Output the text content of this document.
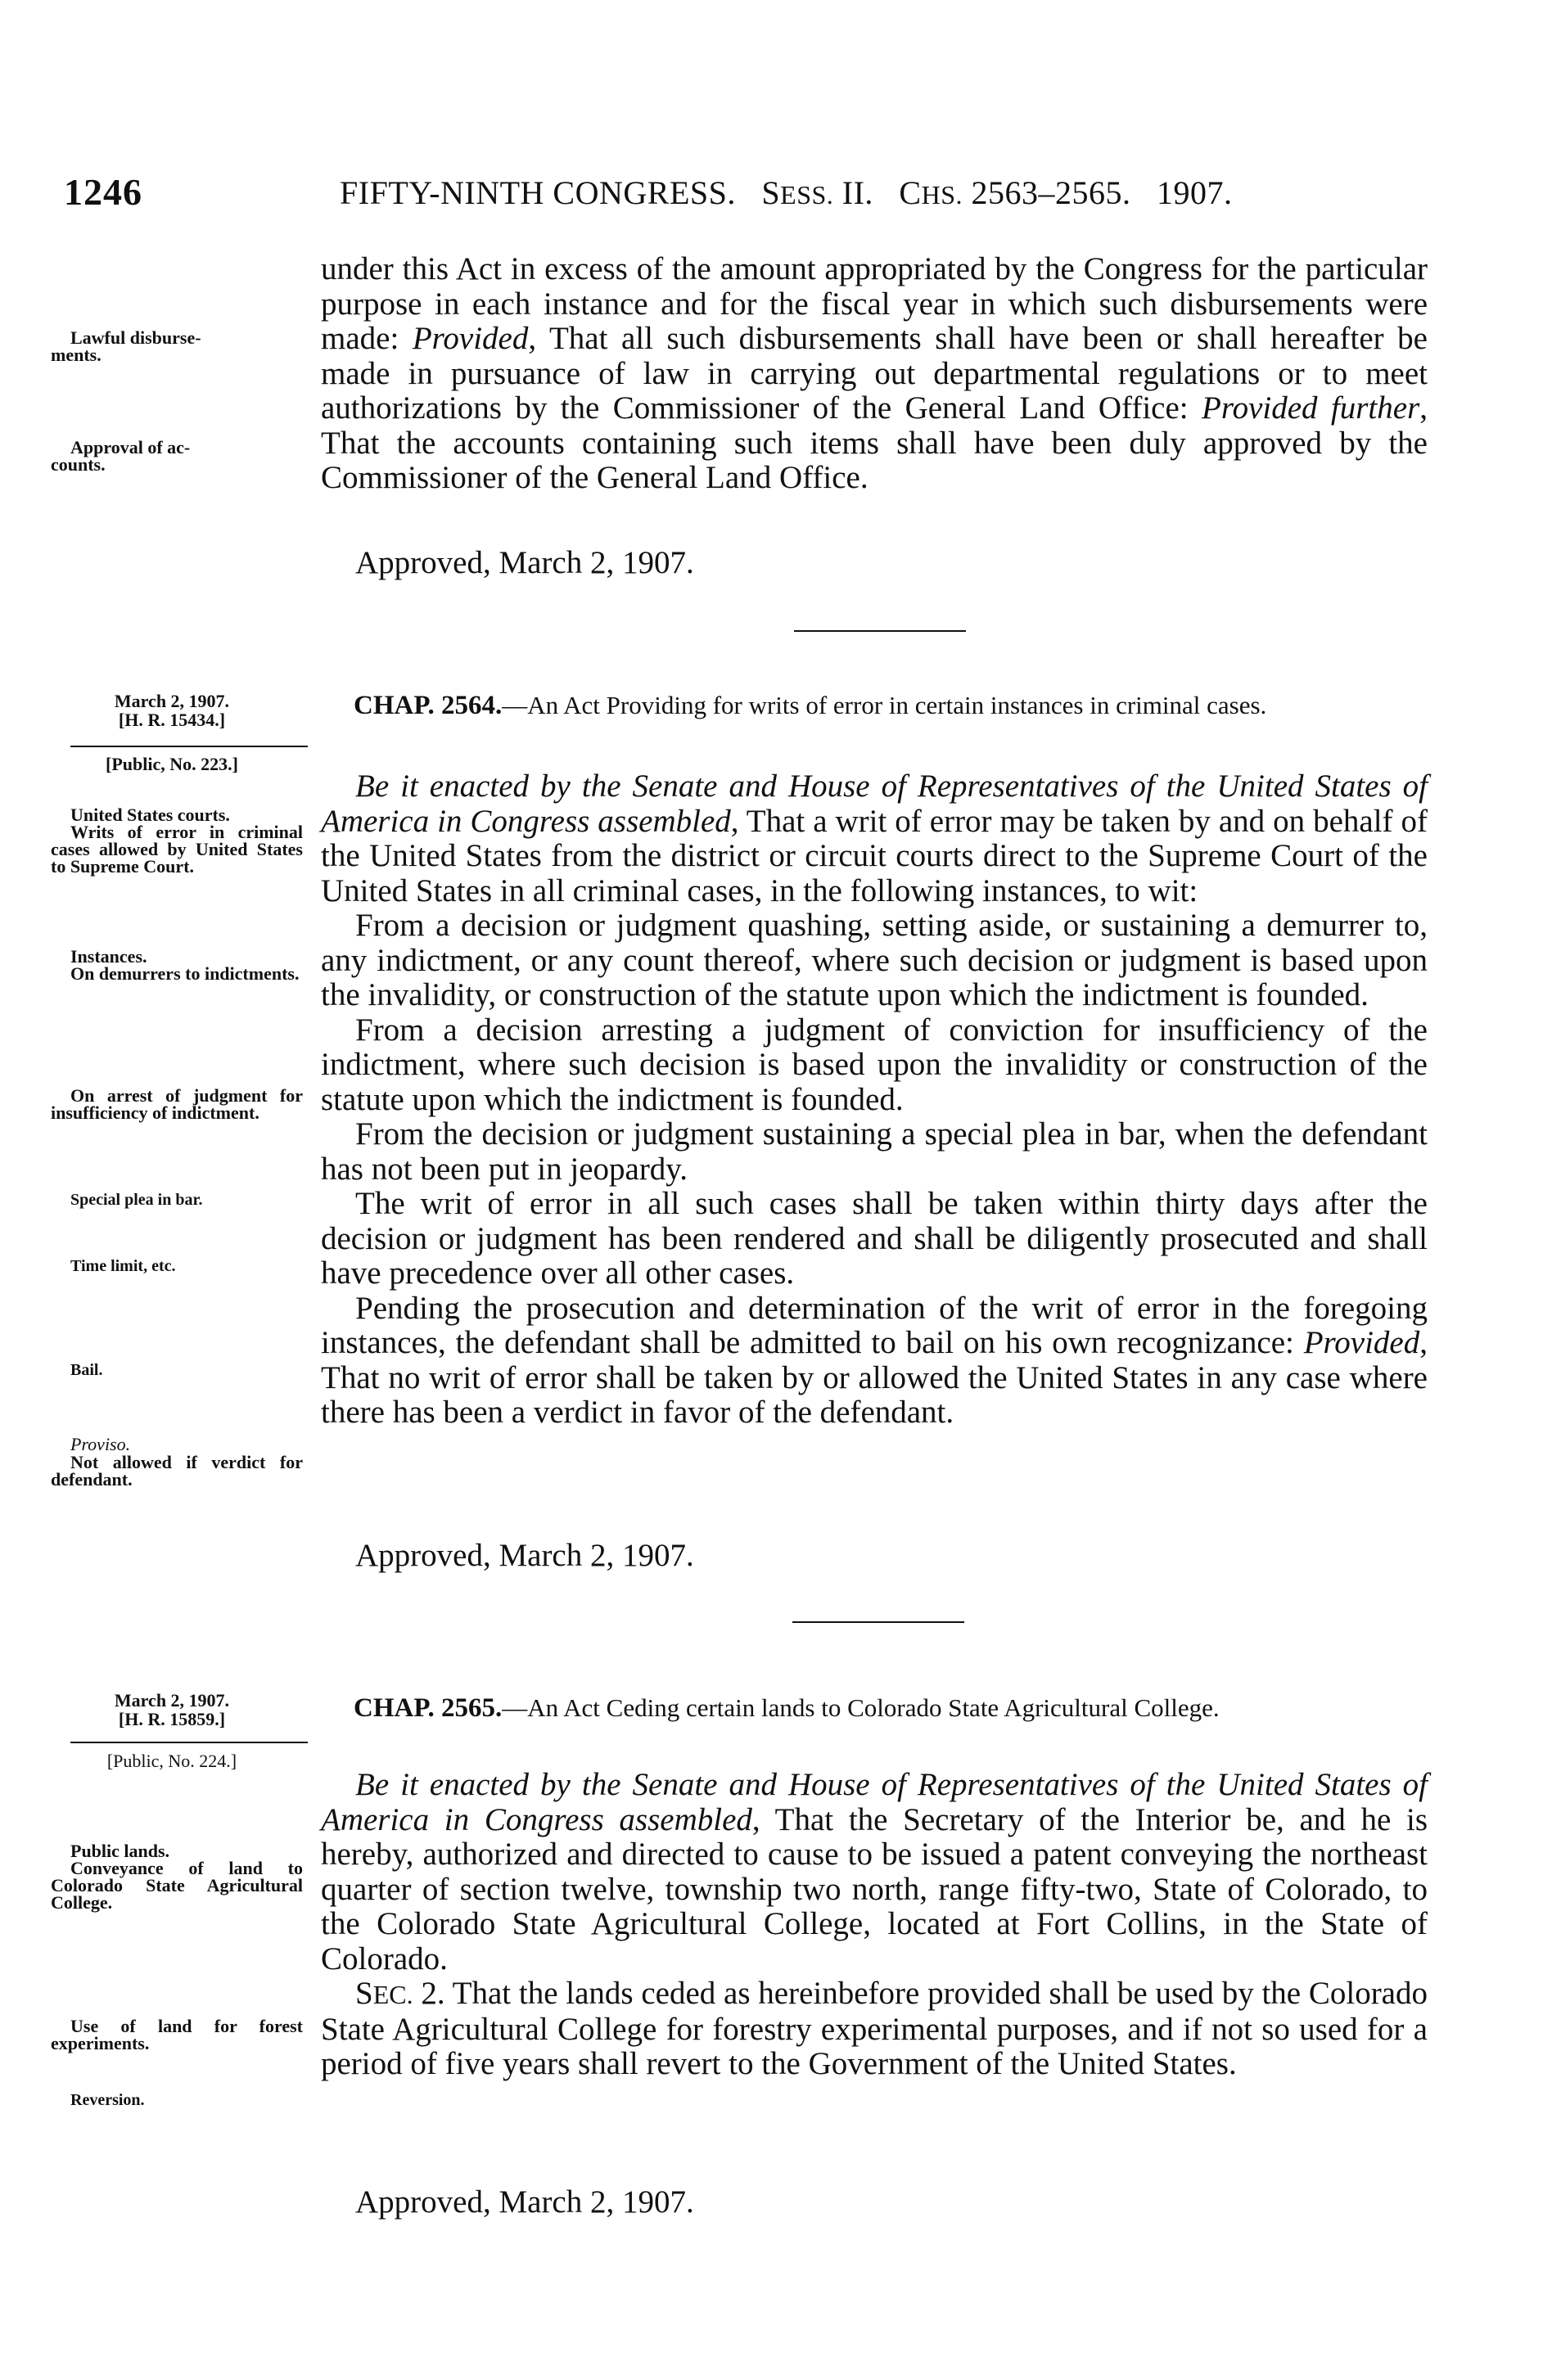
1246	FIFTY-NINTH CONGRESS. SESS. II. CHS. 2563–2565. 1907.
Lawful disburse-
ments.
Approval of ac-
counts.

under this Act in excess of the amount appropriated by the Congress for the particular purpose in each instance and for the fiscal year in which such disbursements were made: Provided, That all such disbursements shall have been or shall hereafter be made in pursuance of law in carrying out departmental regulations or to meet authorizations by the Commissioner of the General Land Office: Provided further, That the accounts containing such items shall have been duly approved by the Commissioner of the General Land Office.

Approved, March 2, 1907.
March 2, 1907.
[H. R. 15434.]
[Public, No. 223.]
CHAP. 2564.—An Act Providing for writs of error in certain instances in criminal cases.
United States courts.
Writs of error in criminal cases allowed by United States to Supreme Court.
Instances.
On demurrers to indictments.
On arrest of judgment for insufficiency of indictment.
Special plea in bar.
Time limit, etc.
Bail.
Proviso.
Not allowed if verdict for defendant.

Be it enacted by the Senate and House of Representatives of the United States of America in Congress assembled, That a writ of error may be taken by and on behalf of the United States from the district or circuit courts direct to the Supreme Court of the United States in all criminal cases, in the following instances, to wit:

From a decision or judgment quashing, setting aside, or sustaining a demurrer to, any indictment, or any count thereof, where such decision or judgment is based upon the invalidity, or construction of the statute upon which the indictment is founded.

From a decision arresting a judgment of conviction for insufficiency of the indictment, where such decision is based upon the invalidity or construction of the statute upon which the indictment is founded.

From the decision or judgment sustaining a special plea in bar, when the defendant has not been put in jeopardy.

The writ of error in all such cases shall be taken within thirty days after the decision or judgment has been rendered and shall be diligently prosecuted and shall have precedence over all other cases.

Pending the prosecution and determination of the writ of error in the foregoing instances, the defendant shall be admitted to bail on his own recognizance: Provided, That no writ of error shall be taken by or allowed the United States in any case where there has been a verdict in favor of the defendant.

Approved, March 2, 1907.
March 2, 1907.
[H. R. 15859.]
[Public, No. 224.]
CHAP. 2565.—An Act Ceding certain lands to Colorado State Agricultural College.
Public lands.
Conveyance of land to Colorado State Agricultural College.
Use of land for forest experiments.
Reversion.

Be it enacted by the Senate and House of Representatives of the United States of America in Congress assembled, That the Secretary of the Interior be, and he is hereby, authorized and directed to cause to be issued a patent conveying the northeast quarter of section twelve, township two north, range fifty-two, State of Colorado, to the Colorado State Agricultural College, located at Fort Collins, in the State of Colorado.

SEC. 2. That the lands ceded as hereinbefore provided shall be used by the Colorado State Agricultural College for forestry experimental purposes, and if not so used for a period of five years shall revert to the Government of the United States.

Approved, March 2, 1907.
